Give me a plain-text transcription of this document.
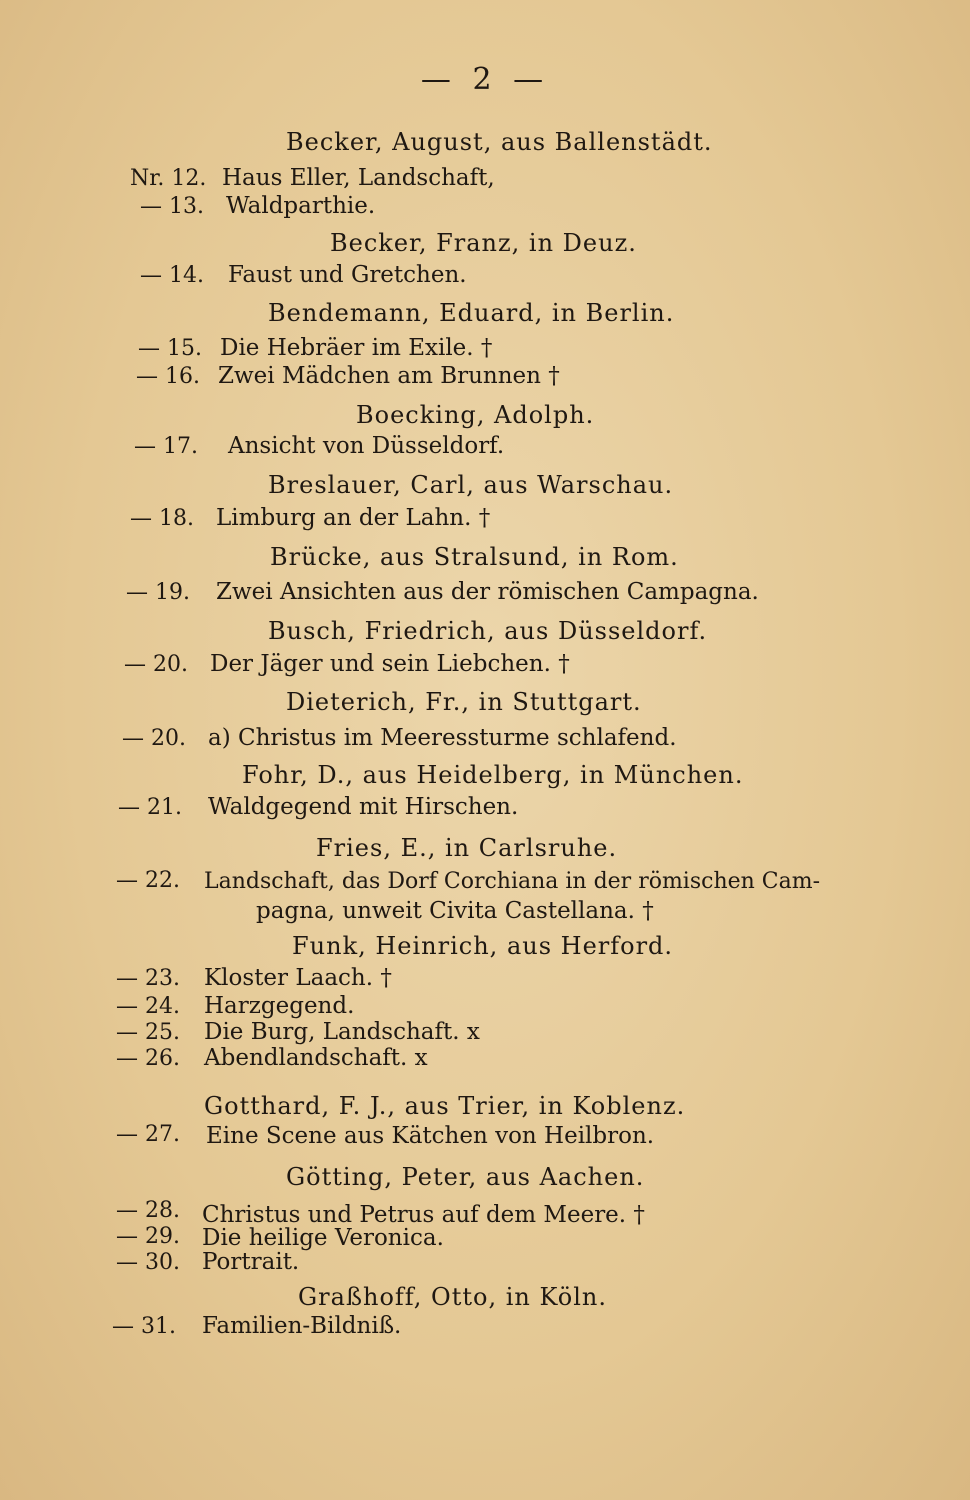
— 2 —
Becker, August, aus Ballenstädt.
Nr. 12. Haus Eller, Landschaft,
— 13. Waldparthie.
Becker, Franz, in Deuz.
— 14. Faust und Gretchen.
Bendemann, Eduard, in Berlin.
— 15. Die Hebräer im Exile. †
— 16. Zwei Mädchen am Brunnen †
Boecking, Adolph.
— 17. Ansicht von Düsseldorf.
Breslauer, Carl, aus Warschau.
— 18. Limburg an der Lahn. †
Brücke, aus Stralsund, in Rom.
— 19. Zwei Ansichten aus der römischen Campagna.
Busch, Friedrich, aus Düsseldorf.
— 20. Der Jäger und sein Liebchen. †
Dieterich, Fr., in Stuttgart.
— 20. a) Christus im Meeressturme schlafend.
Fohr, D., aus Heidelberg, in München.
— 21. Waldgegend mit Hirschen.
Fries, E., in Carlsruhe.
— 22. Landschaft, das Dorf Corchiana in der römischen Cam-
pagna, unweit Civita Castellana. †
Funk, Heinrich, aus Herford.
— 23. Kloster Laach. †
— 24. Harzgegend.
— 25. Die Burg, Landschaft. x
— 26. Abendlandschaft. x
Gotthard, F. J., aus Trier, in Koblenz.
— 27. Eine Scene aus Kätchen von Heilbron.
Götting, Peter, aus Aachen.
— 28. Christus und Petrus auf dem Meere. †
— 29. Die heilige Veronica.
— 30. Portrait.
Graßhoff, Otto, in Köln.
— 31. Familien-Bildniß.
